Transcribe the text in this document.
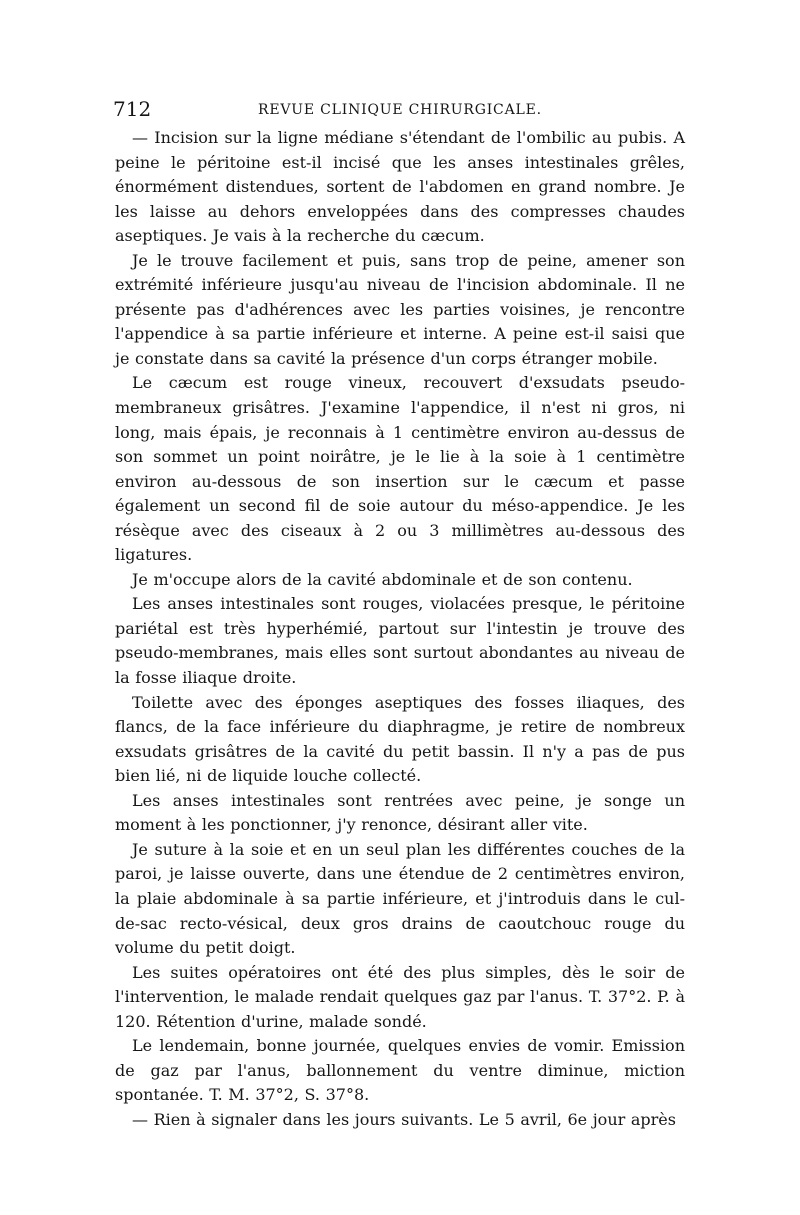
712	REVUE CLINIQUE CHIRURGICALE.

— Incision sur la ligne médiane s'étendant de l'ombilic au pubis. A peine le péritoine est-il incisé que les anses intestinales grêles, énormément distendues, sortent de l'abdomen en grand nombre. Je les laisse au dehors enveloppées dans des compresses chaudes aseptiques. Je vais à la recherche du cæcum.

Je le trouve facilement et puis, sans trop de peine, amener son extrémité inférieure jusqu'au niveau de l'incision abdominale. Il ne présente pas d'adhérences avec les parties voisines, je rencontre l'appendice à sa partie inférieure et interne. A peine est-il saisi que je constate dans sa cavité la présence d'un corps étranger mobile.

Le cæcum est rouge vineux, recouvert d'exsudats pseudo-membraneux grisâtres. J'examine l'appendice, il n'est ni gros, ni long, mais épais, je reconnais à 1 centimètre environ au-dessus de son sommet un point noirâtre, je le lie à la soie à 1 centimètre environ au-dessous de son insertion sur le cæcum et passe également un second fil de soie autour du méso-appendice. Je les résèque avec des ciseaux à 2 ou 3 millimètres au-dessous des ligatures.

Je m'occupe alors de la cavité abdominale et de son contenu.

Les anses intestinales sont rouges, violacées presque, le péritoine pariétal est très hyperhémié, partout sur l'intestin je trouve des pseudo-membranes, mais elles sont surtout abondantes au niveau de la fosse iliaque droite.

Toilette avec des éponges aseptiques des fosses iliaques, des flancs, de la face inférieure du diaphragme, je retire de nombreux exsudats grisâtres de la cavité du petit bassin. Il n'y a pas de pus bien lié, ni de liquide louche collecté.

Les anses intestinales sont rentrées avec peine, je songe un moment à les ponctionner, j'y renonce, désirant aller vite.

Je suture à la soie et en un seul plan les différentes couches de la paroi, je laisse ouverte, dans une étendue de 2 centimètres environ, la plaie abdominale à sa partie inférieure, et j'introduis dans le cul-de-sac recto-vésical, deux gros drains de caoutchouc rouge du volume du petit doigt.

Les suites opératoires ont été des plus simples, dès le soir de l'intervention, le malade rendait quelques gaz par l'anus. T. 37°2. P. à 120. Rétention d'urine, malade sondé.

Le lendemain, bonne journée, quelques envies de vomir. Emission de gaz par l'anus, ballonnement du ventre diminue, miction spontanée. T. M. 37°2, S. 37°8.

— Rien à signaler dans les jours suivants. Le 5 avril, 6e jour après
